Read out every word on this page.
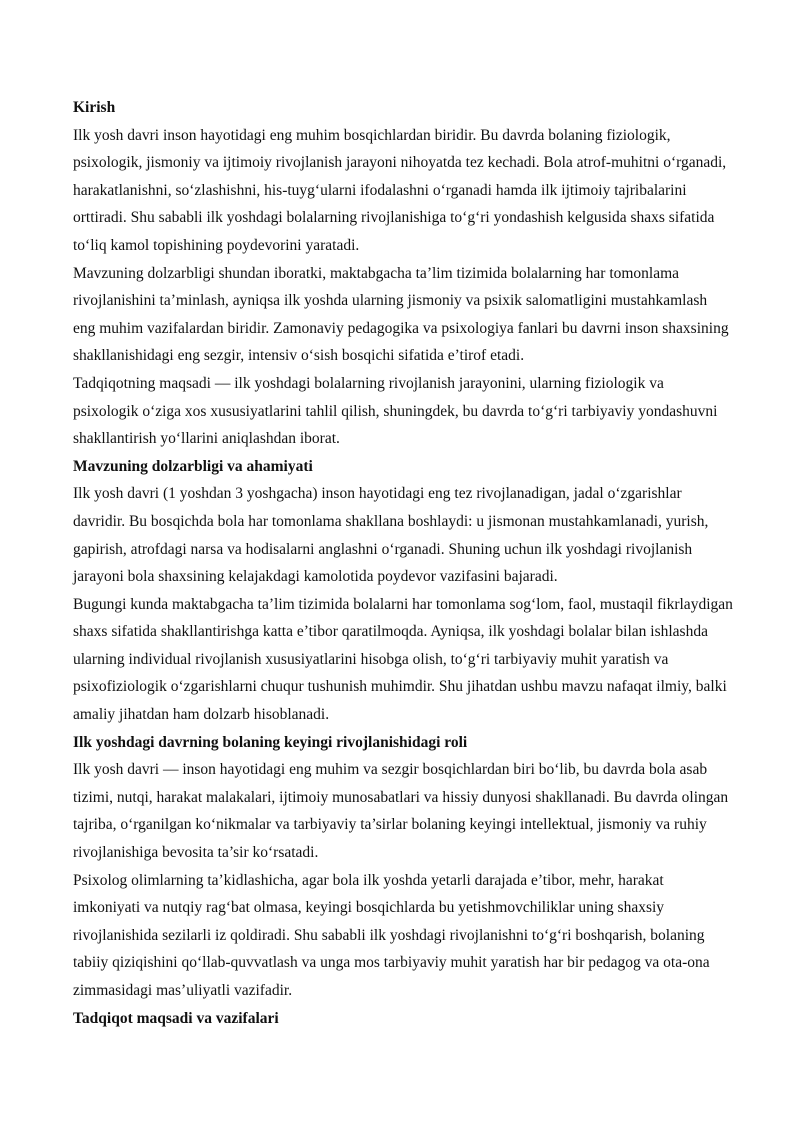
Kirish

Ilk yosh davri inson hayotidagi eng muhim bosqichlardan biridir. Bu davrda bolaning fiziologik, psixologik, jismoniy va ijtimoiy rivojlanish jarayoni nihoyatda tez kechadi. Bola atrof-muhitni o‘rganadi, harakatlanishni, so‘zlashishni, his-tuyg‘ularni ifodalashni o‘rganadi hamda ilk ijtimoiy tajribalarini orttiradi. Shu sababli ilk yoshdagi bolalarning rivojlanishiga to‘g‘ri yondashish kelgusida shaxs sifatida to‘liq kamol topishining poydevorini yaratadi.

Mavzuning dolzarbligi shundan iboratki, maktabgacha ta’lim tizimida bolalarning har tomonlama rivojlanishini ta’minlash, ayniqsa ilk yoshda ularning jismoniy va psixik salomatligini mustahkamlash eng muhim vazifalardan biridir. Zamonaviy pedagogika va psixologiya fanlari bu davrni inson shaxsining shakllanishidagi eng sezgir, intensiv o‘sish bosqichi sifatida e’tirof etadi.

Tadqiqotning maqsadi — ilk yoshdagi bolalarning rivojlanish jarayonini, ularning fiziologik va psixologik o‘ziga xos xususiyatlarini tahlil qilish, shuningdek, bu davrda to‘g‘ri tarbiyaviy yondashuvni shakllantirish yo‘llarini aniqlashdan iborat.

Mavzuning dolzarbligi va ahamiyati

Ilk yosh davri (1 yoshdan 3 yoshgacha) inson hayotidagi eng tez rivojlanadigan, jadal o‘zgarishlar davridir. Bu bosqichda bola har tomonlama shakllana boshlaydi: u jismonan mustahkamlanadi, yurish, gapirish, atrofdagi narsa va hodisalarni anglashni o‘rganadi. Shuning uchun ilk yoshdagi rivojlanish jarayoni bola shaxsining kelajakdagi kamolotida poydevor vazifasini bajaradi.

Bugungi kunda maktabgacha ta’lim tizimida bolalarni har tomonlama sog‘lom, faol, mustaqil fikrlaydigan shaxs sifatida shakllantirishga katta e’tibor qaratilmoqda. Ayniqsa, ilk yoshdagi bolalar bilan ishlashda ularning individual rivojlanish xususiyatlarini hisobga olish, to‘g‘ri tarbiyaviy muhit yaratish va psixofiziologik o‘zgarishlarni chuqur tushunish muhimdir. Shu jihatdan ushbu mavzu nafaqat ilmiy, balki amaliy jihatdan ham dolzarb hisoblanadi.

Ilk yoshdagi davrning bolaning keyingi rivojlanishidagi roli

Ilk yosh davri — inson hayotidagi eng muhim va sezgir bosqichlardan biri bo‘lib, bu davrda bola asab tizimi, nutqi, harakat malakalari, ijtimoiy munosabatlari va hissiy dunyosi shakllanadi. Bu davrda olingan tajriba, o‘rganilgan ko‘nikmalar va tarbiyaviy ta’sirlar bolaning keyingi intellektual, jismoniy va ruhiy rivojlanishiga bevosita ta’sir ko‘rsatadi.

Psixolog olimlarning ta’kidlashicha, agar bola ilk yoshda yetarli darajada e’tibor, mehr, harakat imkoniyati va nutqiy rag‘bat olmasa, keyingi bosqichlarda bu yetishmovchiliklar uning shaxsiy rivojlanishida sezilarli iz qoldiradi. Shu sababli ilk yoshdagi rivojlanishni to‘g‘ri boshqarish, bolaning tabiiy qiziqishini qo‘llab-quvvatlash va unga mos tarbiyaviy muhit yaratish har bir pedagog va ota-ona zimmasidagi mas’uliyatli vazifadir.

Tadqiqot maqsadi va vazifalari
